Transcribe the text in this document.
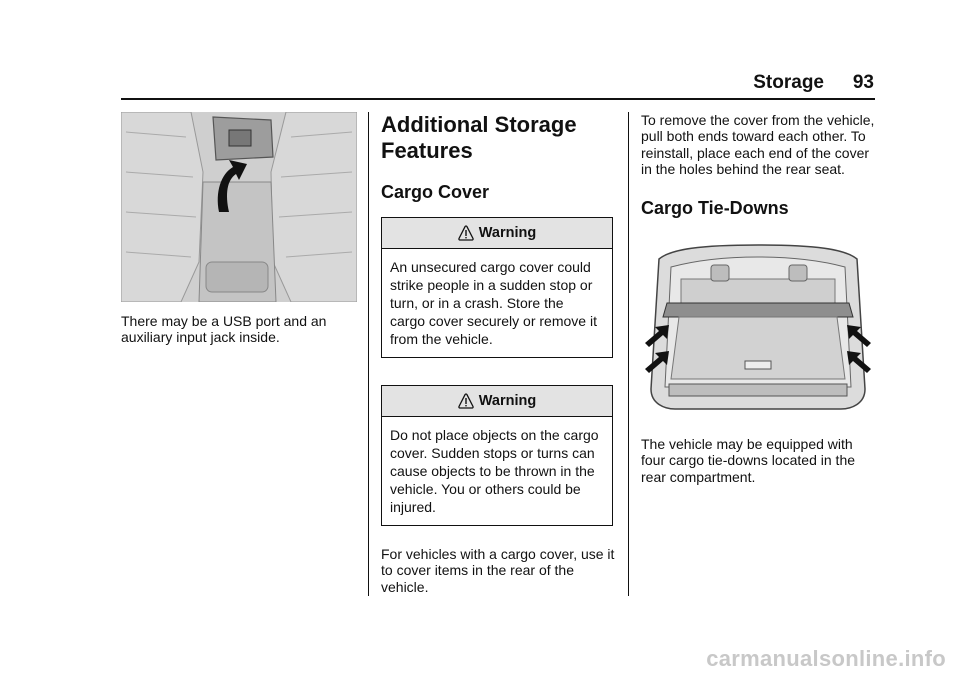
Storage 93

There may be a USB port and an auxiliary input jack inside.

Additional Storage Features
Cargo Cover
Warning
An unsecured cargo cover could strike people in a sudden stop or turn, or in a crash. Store the cargo cover securely or remove it from the vehicle.
Warning
Do not place objects on the cargo cover. Sudden stops or turns can cause objects to be thrown in the vehicle. You or others could be injured.

For vehicles with a cargo cover, use it to cover items in the rear of the vehicle.

To remove the cover from the vehicle, pull both ends toward each other. To reinstall, place each end of the cover in the holes behind the rear seat.

Cargo Tie-Downs

The vehicle may be equipped with four cargo tie-downs located in the rear compartment.

carmanualsonline.info
